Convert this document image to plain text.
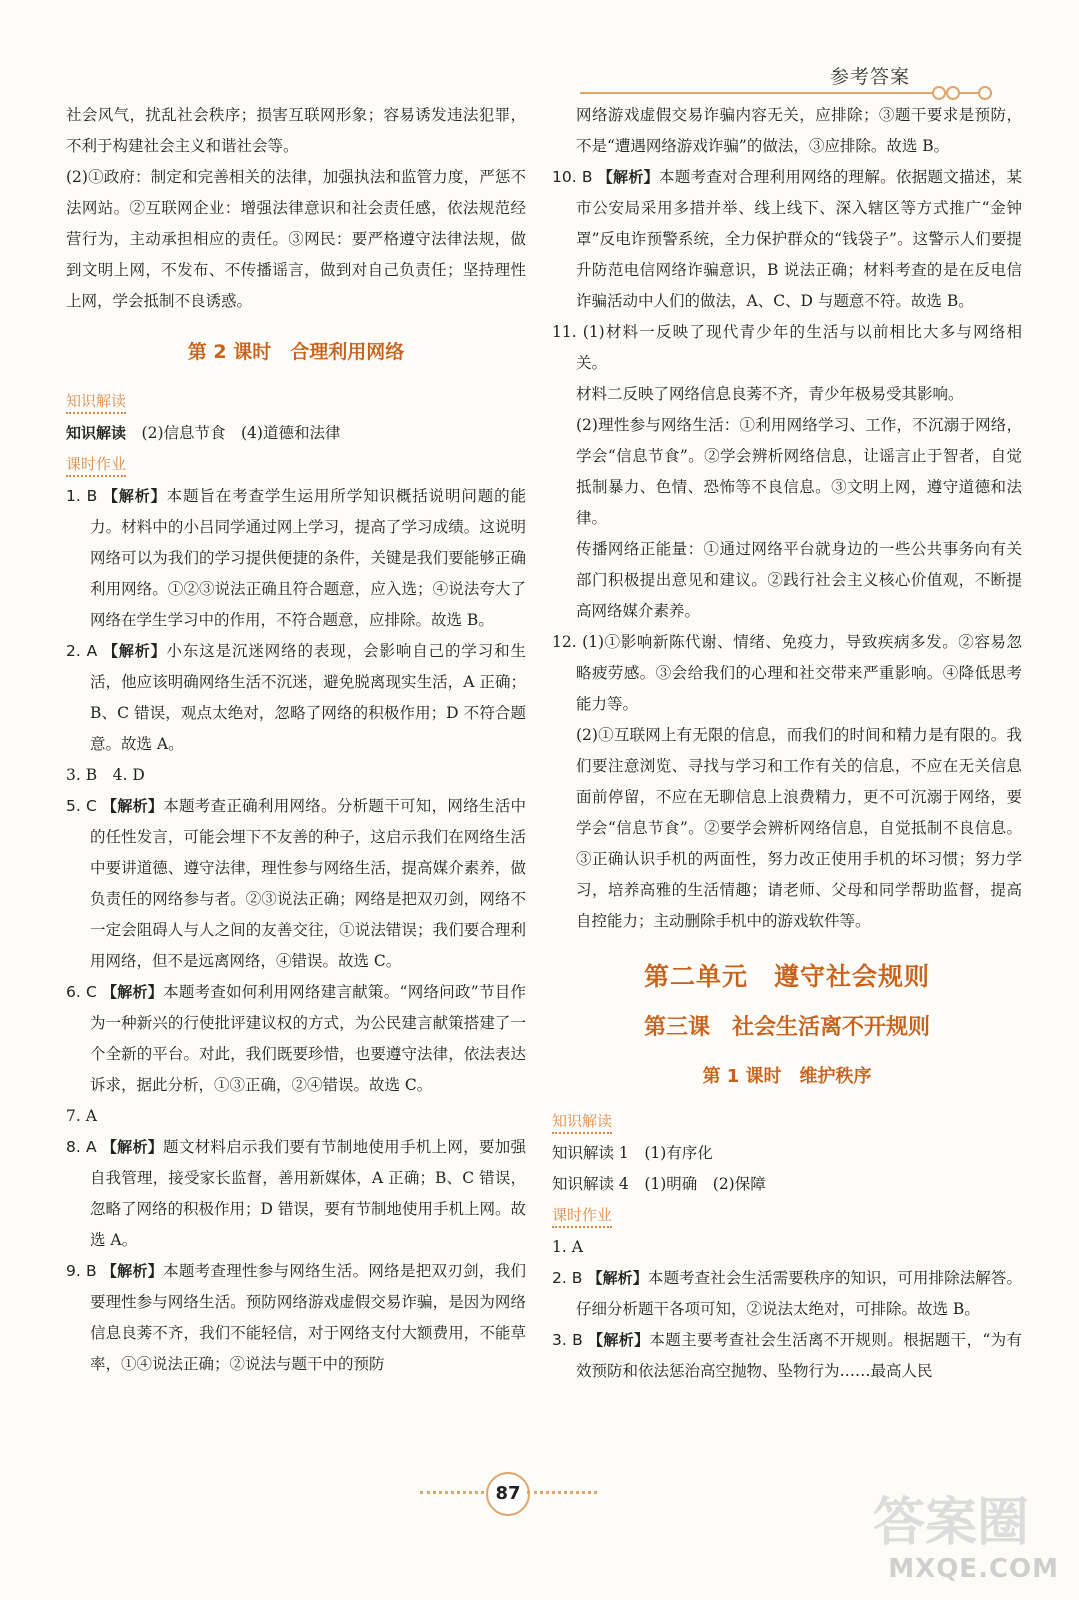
参考答案

社会风气，扰乱社会秩序；损害互联网形象；容易诱发违法犯罪，不利于构建社会主义和谐社会等。

(2)①政府：制定和完善相关的法律，加强执法和监管力度，严惩不法网站。②互联网企业：增强法律意识和社会责任感，依法规范经营行为，主动承担相应的责任。③网民：要严格遵守法律法规，做到文明上网，不发布、不传播谣言，做到对自己负责任；坚持理性上网，学会抵制不良诱惑。

第 2 课时　合理利用网络
知识解读

知识解读　 (2)信息节食　(4)道德和法律

课时作业

1. B 【解析】本题旨在考查学生运用所学知识概括说明问题的能力。材料中的小吕同学通过网上学习，提高了学习成绩。这说明网络可以为我们的学习提供便捷的条件，关键是我们要能够正确利用网络。①②③说法正确且符合题意，应入选；④说法夸大了网络在学生学习中的作用，不符合题意，应排除。故选 B。

2. A 【解析】小东这是沉迷网络的表现，会影响自己的学习和生活，他应该明确网络生活不沉迷，避免脱离现实生活，A 正确；B、C 错误，观点太绝对，忽略了网络的积极作用；D 不符合题意。故选 A。

3. B　4. D

5. C 【解析】本题考查正确利用网络。分析题干可知，网络生活中的任性发言，可能会埋下不友善的种子，这启示我们在网络生活中要讲道德、遵守法律，理性参与网络生活，提高媒介素养，做负责任的网络参与者。②③说法正确；网络是把双刃剑，网络不一定会阻碍人与人之间的友善交往，①说法错误；我们要合理利用网络，但不是远离网络，④错误。故选 C。

6. C 【解析】本题考查如何利用网络建言献策。“网络问政”节目作为一种新兴的行使批评建议权的方式，为公民建言献策搭建了一个全新的平台。对此，我们既要珍惜，也要遵守法律，依法表达诉求，据此分析，①③正确，②④错误。故选 C。

7. A

8. A 【解析】题文材料启示我们要有节制地使用手机上网，要加强自我管理，接受家长监督，善用新媒体，A 正确；B、C 错误，忽略了网络的积极作用；D 错误，要有节制地使用手机上网。故选 A。

9. B 【解析】本题考查理性参与网络生活。网络是把双刃剑，我们要理性参与网络生活。预防网络游戏虚假交易诈骗，是因为网络信息良莠不齐，我们不能轻信，对于网络支付大额费用，不能草率，①④说法正确；②说法与题干中的预防

网络游戏虚假交易诈骗内容无关，应排除；③题干要求是预防，不是“遭遇网络游戏诈骗”的做法，③应排除。故选 B。

10. B 【解析】本题考查对合理利用网络的理解。依据题文描述，某市公安局采用多措并举、线上线下、深入辖区等方式推广“金钟罩”反电诈预警系统，全力保护群众的“钱袋子”。这警示人们要提升防范电信网络诈骗意识，B 说法正确；材料考查的是在反电信诈骗活动中人们的做法，A、C、D 与题意不符。故选 B。

11. (1)材料一反映了现代青少年的生活与以前相比大多与网络相关。

材料二反映了网络信息良莠不齐，青少年极易受其影响。

(2)理性参与网络生活：①利用网络学习、工作，不沉溺于网络，学会“信息节食”。②学会辨析网络信息，让谣言止于智者，自觉抵制暴力、色情、恐怖等不良信息。③文明上网，遵守道德和法律。

传播网络正能量：①通过网络平台就身边的一些公共事务向有关部门积极提出意见和建议。②践行社会主义核心价值观，不断提高网络媒介素养。

12. (1)①影响新陈代谢、情绪、免疫力，导致疾病多发。②容易忽略疲劳感。③会给我们的心理和社交带来严重影响。④降低思考能力等。

(2)①互联网上有无限的信息，而我们的时间和精力是有限的。我们要注意浏览、寻找与学习和工作有关的信息，不应在无关信息面前停留，不应在无聊信息上浪费精力，更不可沉溺于网络，要学会“信息节食”。②要学会辨析网络信息，自觉抵制不良信息。③正确认识手机的两面性，努力改正使用手机的坏习惯；努力学习，培养高雅的生活情趣；请老师、父母和同学帮助监督，提高自控能力；主动删除手机中的游戏软件等。

第二单元　遵守社会规则
第三课　社会生活离不开规则
第 1 课时　维护秩序
知识解读

知识解读 1　 (1)有序化

知识解读 4　 (1)明确　(2)保障

课时作业

1. A

2. B 【解析】本题考查社会生活需要秩序的知识，可用排除法解答。仔细分析题干各项可知，②说法太绝对，可排除。故选 B。

3. B 【解析】本题主要考查社会生活离不开规则。根据题干，“为有效预防和依法惩治高空抛物、坠物行为……最高人民

87	答案圈
MXQE.COM
